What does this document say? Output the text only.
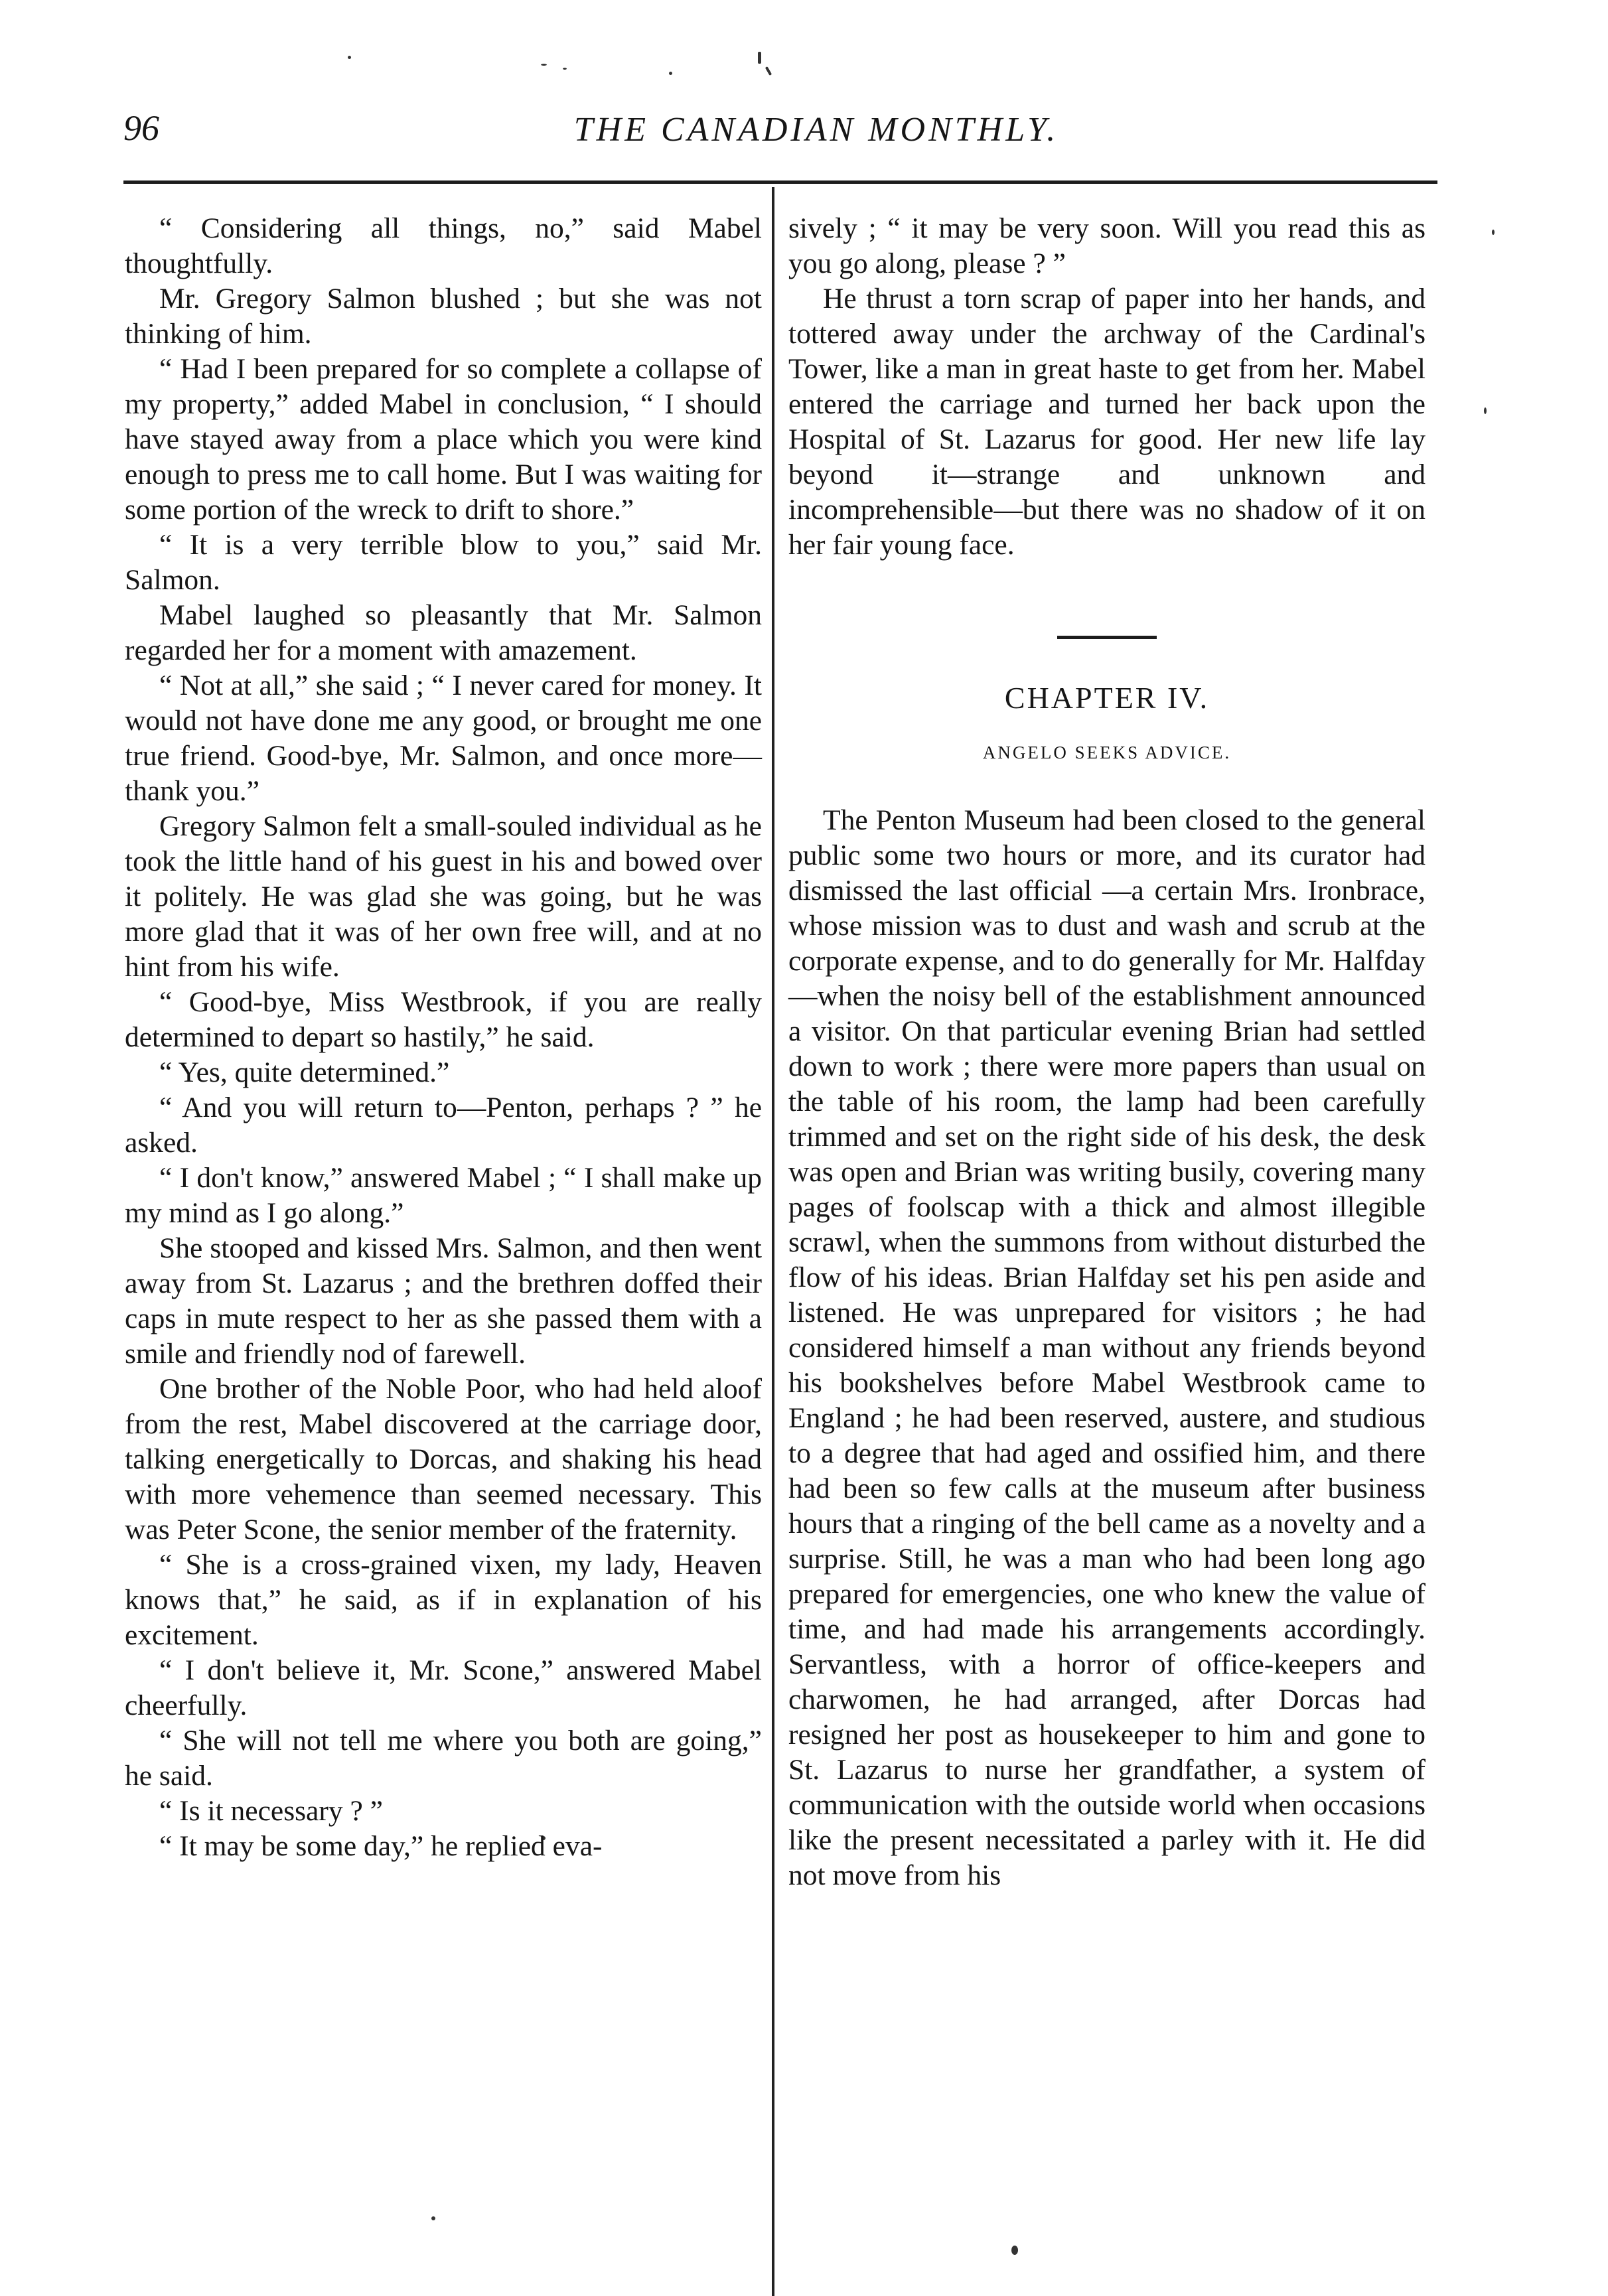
96	THE CANADIAN MONTHLY.

“ Considering all things, no,” said Mabel thoughtfully.

Mr. Gregory Salmon blushed ; but she was not thinking of him.

“ Had I been prepared for so complete a collapse of my property,” added Mabel in conclusion, “ I should have stayed away from a place which you were kind enough to press me to call home. But I was waiting for some portion of the wreck to drift to shore.”

“ It is a very terrible blow to you,” said Mr. Salmon.

Mabel laughed so pleasantly that Mr. Salmon regarded her for a moment with amazement.

“ Not at all,” she said ; “ I never cared for money. It would not have done me any good, or brought me one true friend. Good-bye, Mr. Salmon, and once more—thank you.”

Gregory Salmon felt a small-souled individual as he took the little hand of his guest in his and bowed over it politely. He was glad she was going, but he was more glad that it was of her own free will, and at no hint from his wife.

“ Good-bye, Miss Westbrook, if you are really determined to depart so hastily,” he said.

“ Yes, quite determined.”

“ And you will return to—Penton, perhaps ? ” he asked.

“ I don't know,” answered Mabel ; “ I shall make up my mind as I go along.”

She stooped and kissed Mrs. Salmon, and then went away from St. Lazarus ; and the brethren doffed their caps in mute respect to her as she passed them with a smile and friendly nod of farewell.

One brother of the Noble Poor, who had held aloof from the rest, Mabel discovered at the carriage door, talking energetically to Dorcas, and shaking his head with more vehemence than seemed necessary. This was Peter Scone, the senior member of the fraternity.

“ She is a cross-grained vixen, my lady, Heaven knows that,” he said, as if in explanation of his excitement.

“ I don't believe it, Mr. Scone,” answered Mabel cheerfully.

“ She will not tell me where you both are going,” he said.

“ Is it necessary ? ”

“ It may be some day,” he replied eva-

sively ; “ it may be very soon. Will you read this as you go along, please ? ”

He thrust a torn scrap of paper into her hands, and tottered away under the archway of the Cardinal's Tower, like a man in great haste to get from her. Mabel entered the carriage and turned her back upon the Hospital of St. Lazarus for good. Her new life lay beyond it—strange and unknown and incomprehensible—but there was no shadow of it on her fair young face.

CHAPTER IV.
ANGELO SEEKS ADVICE.

The Penton Museum had been closed to the general public some two hours or more, and its curator had dismissed the last official —a certain Mrs. Ironbrace, whose mission was to dust and wash and scrub at the corporate expense, and to do generally for Mr. Halfday—when the noisy bell of the establishment announced a visitor. On that particular evening Brian had settled down to work ; there were more papers than usual on the table of his room, the lamp had been carefully trimmed and set on the right side of his desk, the desk was open and Brian was writing busily, covering many pages of foolscap with a thick and almost illegible scrawl, when the summons from without disturbed the flow of his ideas. Brian Halfday set his pen aside and listened. He was unprepared for visitors ; he had considered himself a man without any friends beyond his bookshelves before Mabel Westbrook came to England ; he had been reserved, austere, and studious to a degree that had aged and ossified him, and there had been so few calls at the museum after business hours that a ringing of the bell came as a novelty and a surprise. Still, he was a man who had been long ago prepared for emergencies, one who knew the value of time, and had made his arrangements accordingly. Servantless, with a horror of office-keepers and charwomen, he had arranged, after Dorcas had resigned her post as housekeeper to him and gone to St. Lazarus to nurse her grandfather, a system of communication with the outside world when occasions like the present necessitated a parley with it. He did not move from his
